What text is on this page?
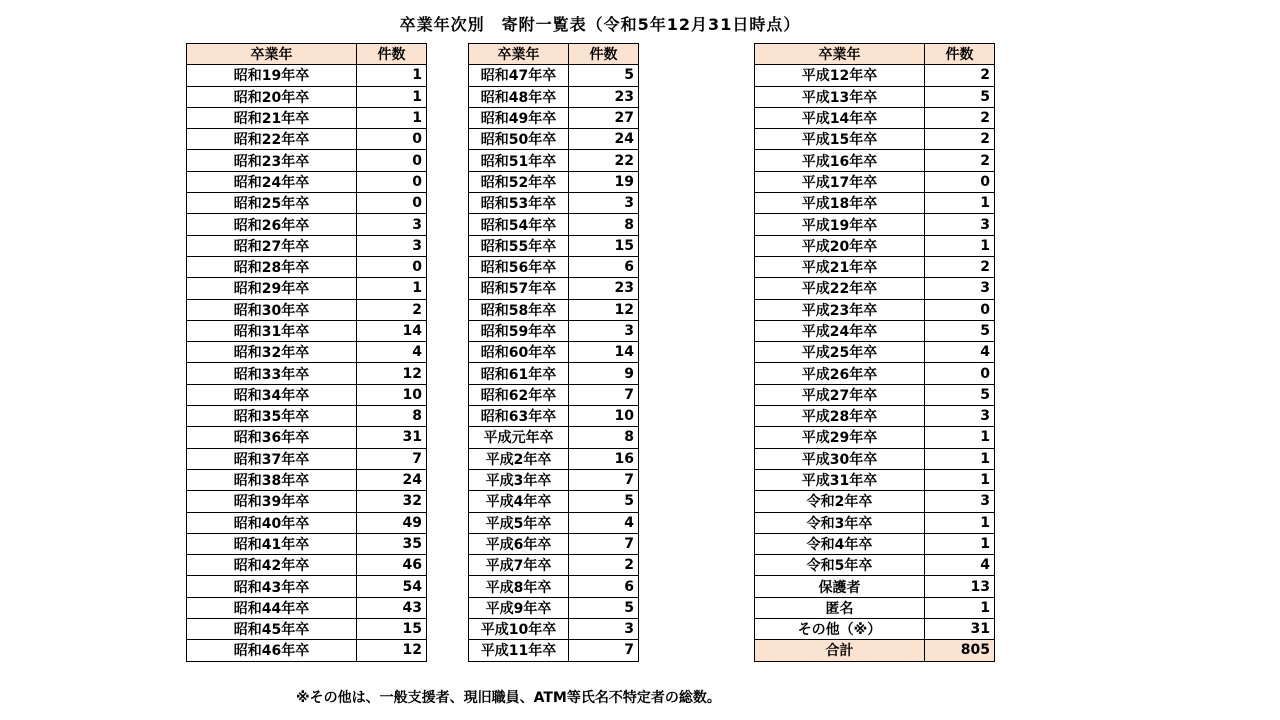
卒業年次別　寄附一覧表（令和5年12月31日時点）
卒業年	件数
昭和19年卒	1
昭和20年卒	1
昭和21年卒	1
昭和22年卒	0
昭和23年卒	0
昭和24年卒	0
昭和25年卒	0
昭和26年卒	3
昭和27年卒	3
昭和28年卒	0
昭和29年卒	1
昭和30年卒	2
昭和31年卒	14
昭和32年卒	4
昭和33年卒	12
昭和34年卒	10
昭和35年卒	8
昭和36年卒	31
昭和37年卒	7
昭和38年卒	24
昭和39年卒	32
昭和40年卒	49
昭和41年卒	35
昭和42年卒	46
昭和43年卒	54
昭和44年卒	43
昭和45年卒	15
昭和46年卒	12
卒業年	件数
昭和47年卒	5
昭和48年卒	23
昭和49年卒	27
昭和50年卒	24
昭和51年卒	22
昭和52年卒	19
昭和53年卒	3
昭和54年卒	8
昭和55年卒	15
昭和56年卒	6
昭和57年卒	23
昭和58年卒	12
昭和59年卒	3
昭和60年卒	14
昭和61年卒	9
昭和62年卒	7
昭和63年卒	10
平成元年卒	8
平成2年卒	16
平成3年卒	7
平成4年卒	5
平成5年卒	4
平成6年卒	7
平成7年卒	2
平成8年卒	6
平成9年卒	5
平成10年卒	3
平成11年卒	7
卒業年	件数
平成12年卒	2
平成13年卒	5
平成14年卒	2
平成15年卒	2
平成16年卒	2
平成17年卒	0
平成18年卒	1
平成19年卒	3
平成20年卒	1
平成21年卒	2
平成22年卒	3
平成23年卒	0
平成24年卒	5
平成25年卒	4
平成26年卒	0
平成27年卒	5
平成28年卒	3
平成29年卒	1
平成30年卒	1
平成31年卒	1
令和2年卒	3
令和3年卒	1
令和4年卒	1
令和5年卒	4
保護者	13
匿名	1
その他（※）	31
合計	805
※その他は、一般支援者、現旧職員、ATM等氏名不特定者の総数。
